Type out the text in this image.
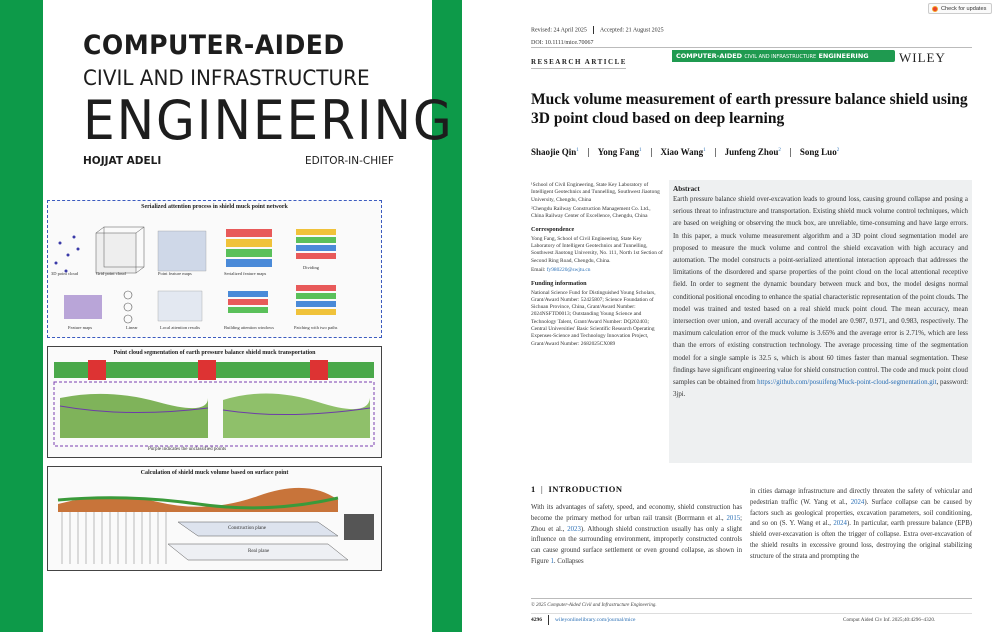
COMPUTER-AIDED
CIVIL AND INFRASTRUCTURE
ENGINEERING
HOJJAT ADELI	EDITOR-IN-CHIEF
Serialized attention process in shield muck point network
3D point cloud	Grid point cloud	Point feature maps	Serialized feature maps
Dividing
Feature maps	Linear	Local attention results	Building attention windows	Patching with two paths
Point cloud segmentation of earth pressure balance shield muck transportation
Purple indicates the unclassified points
Calculation of shield muck volume based on surface point
Construction plane
Real plane
Revised: 24 April 2025 Accepted: 21 August 2025
DOI: 10.1111/mice.70067
COMPUTER-AIDED CIVIL AND INFRASTRUCTURE ENGINEERING	WILEY
RESEARCH ARTICLE
Muck volume measurement of earth pressure balance shield using 3D point cloud based on deep learning
Shaojie Qin$^1$ Yong Fang$^1$ Xiao Wang$^1$ Junfeng Zhou$^2$ Song Luo$^2$

¹School of Civil Engineering, State Key Laboratory of Intelligent Geotechnics and Tunnelling, Southwest Jiaotong University, Chengdu, China

²Chengdu Railway Construction Management Co. Ltd., China Railway Center of Excellence, Chengdu, China

Correspondence

Yong Fang, School of Civil Engineering, State Key Laboratory of Intelligent Geotechnics and Tunnelling, Southwest Jiaotong University, No. 111, North 1st Section of Second Ring Road, Chengdu, China.

Email: fy980220@swjtu.cn

Funding information

National Science Fund for Distinguished Young Scholars, Grant/Award Number: 52425807; Science Foundation of Sichuan Province, China, Grant/Award Number: 2024NSFTD0013; Outstanding Young Science and Technology Talent, Grant/Award Number: DQ202403; Central Universities' Basic Scientific Research Operating Expenses-Science and Technology Innovation Project, Grant/Award Number: 2682025CX089

Abstract
Earth pressure balance shield over-excavation leads to ground loss, causing ground collapse and posing a serious threat to infrastructure and transportation. Existing shield muck volume control techniques, which are based on weighing or observing the muck box, are unreliable, time-consuming and have large errors. In this paper, a muck volume measurement algorithm and a 3D point cloud segmentation model are proposed to measure the muck volume and control the shield excavation with high accuracy and automation. The model constructs a point-serialized attentional interaction approach that addresses the limitations of the disordered and sparse properties of the point cloud on the local attentional receptive field. In order to segment the dynamic boundary between muck and box, the model designs normal conditional positional encoding to enhance the spatial characteristic representation of the point clouds. The model was trained and tested based on a real shield muck point cloud. The mean accuracy, mean intersection over union, and overall accuracy of the model are 0.987, 0.971, and 0.983, respectively. The maximum calculation error of the muck volume is 3.65% and the average error is 2.71%, which are less than the errors of existing construction technology. The average processing time of the segmentation model for a single sample is 32.5 s, which is about 60 times faster than manual segmentation. These findings have significant engineering value for shield construction control. The code and muck point cloud samples can be obtained from https://github.com/posuifeng/Muck-point-cloud-segmentation.git, password: 3jpi.
1 | INTRODUCTION
With its advantages of safety, speed, and economy, shield construction has become the primary method for urban rail transit (Borrmann et al., 2015; Zhou et al., 2023). Although shield construction usually has only a slight influence on the surrounding environment, improperly constructed controls can cause ground surface settlement or even ground collapse, as shown in Figure 1. Collapses
in cities damage infrastructure and directly threaten the safety of vehicular and pedestrian traffic (W. Yang et al., 2024). Surface collapse can be caused by factors such as geological properties, excavation parameters, soil conditioning, and so on (S. Y. Wang et al., 2024). In particular, earth pressure balance (EPB) shield over-excavation is often the trigger of collapse. Extra over-excavation of the shield results in excessive ground loss, destroying the original stabilizing structure of the strata and prompting the
© 2025 Computer-Aided Civil and Infrastructure Engineering.
4296 wileyonlinelibrary.com/journal/mice	Comput Aided Civ Inf. 2025;40:4296–4320.
Check for updates
